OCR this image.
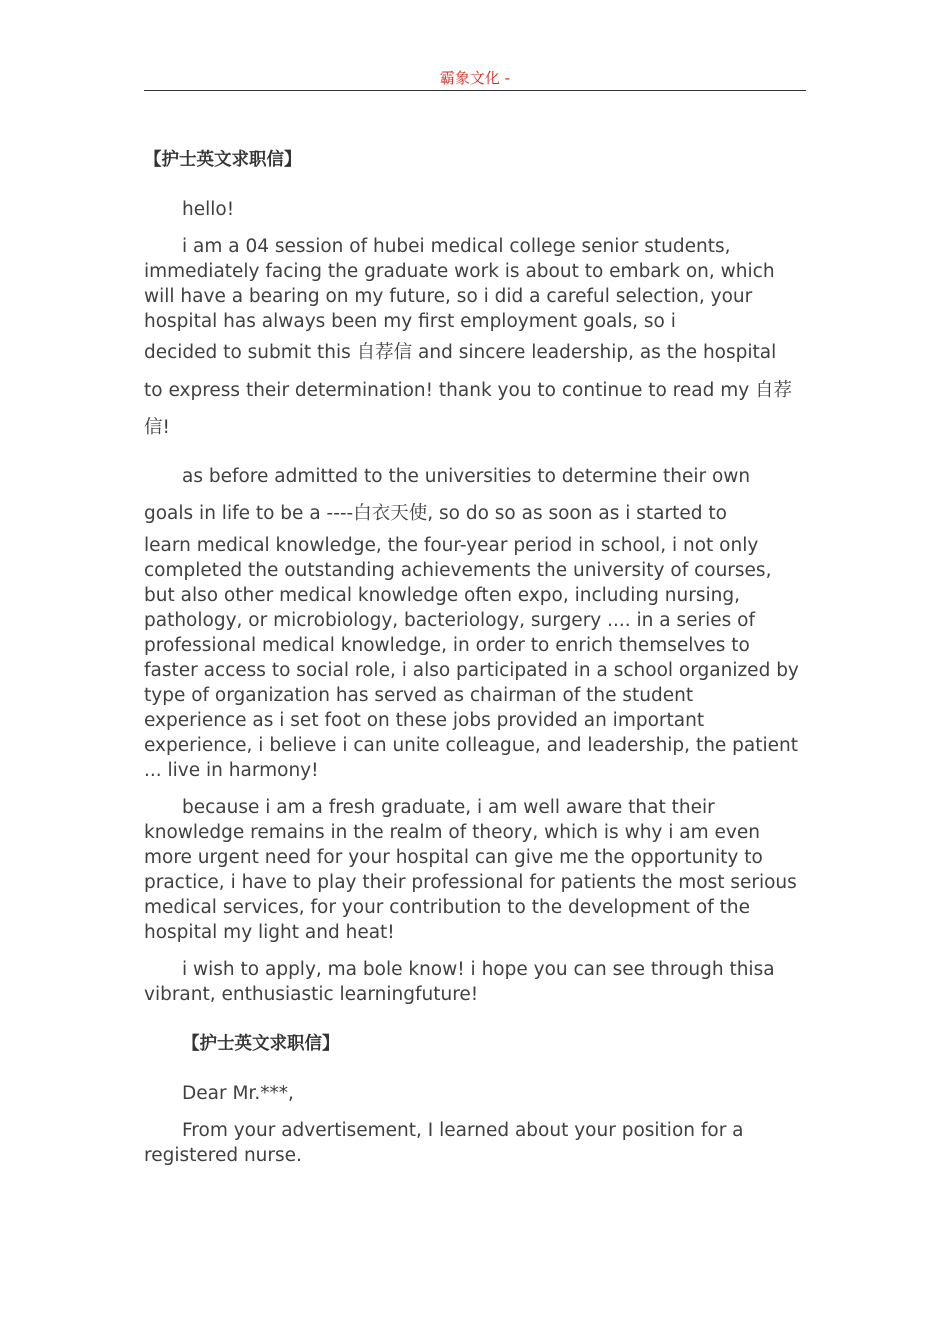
霸象文化 -
【护士英文求职信】

hello!

i am a 04 session of hubei medical college senior students, immediately facing the graduate work is about to embark on, which will have a bearing on my future, so i did a careful selection, your hospital has always been my first employment goals, so i

decided to submit this 自荐信 and sincere leadership, as the hospital to express their determination! thank you to continue to read my 自荐信!

as before admitted to the universities to determine their own goals in life to be a ----白衣天使, so do so as soon as i started to

learn medical knowledge, the four-year period in school, i not only completed the outstanding achievements the university of courses, but also other medical knowledge often expo, including nursing, pathology, or microbiology, bacteriology, surgery .... in a series of professional medical knowledge, in order to enrich themselves to faster access to social role, i also participated in a school organized by type of organization has served as chairman of the student experience as i set foot on these jobs provided an important experience, i believe i can unite colleague, and leadership, the patient ... live in harmony!

because i am a fresh graduate, i am well aware that their knowledge remains in the realm of theory, which is why i am even more urgent need for your hospital can give me the opportunity to practice, i have to play their professional for patients the most serious medical services, for your contribution to the development of the hospital my light and heat!

i wish to apply, ma bole know! i hope you can see through thisa vibrant, enthusiastic learningfuture!

【护士英文求职信】

Dear Mr.***,

From your advertisement, I learned about your position for a registered nurse.
